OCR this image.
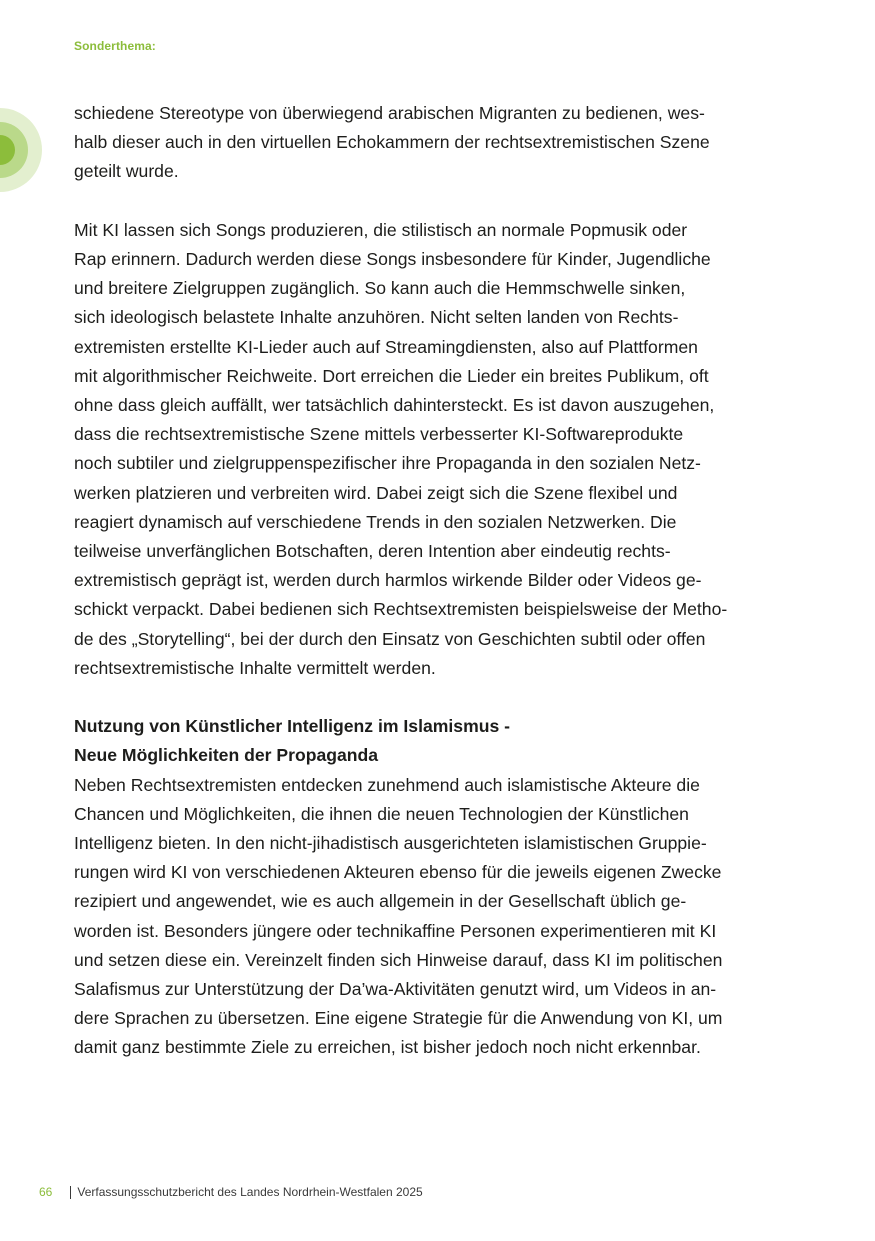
Sonderthema:
schiedene Stereotype von überwiegend arabischen Migranten zu bedienen, wes-
halb dieser auch in den virtuellen Echokammern der rechtsextremistischen Szene
geteilt wurde.
Mit KI lassen sich Songs produzieren, die stilistisch an normale Popmusik oder
Rap erinnern. Dadurch werden diese Songs insbesondere für Kinder, Jugendliche
und breitere Zielgruppen zugänglich. So kann auch die Hemmschwelle sinken,
sich ideologisch belastete Inhalte anzuhören. Nicht selten landen von Rechts-
extremisten erstellte KI-Lieder auch auf Streamingdiensten, also auf Plattformen
mit algorithmischer Reichweite. Dort erreichen die Lieder ein breites Publikum, oft
ohne dass gleich auffällt, wer tatsächlich dahintersteckt. Es ist davon auszugehen,
dass die rechtsextremistische Szene mittels verbesserter KI-Softwareprodukte
noch subtiler und zielgruppenspezifischer ihre Propaganda in den sozialen Netz-
werken platzieren und verbreiten wird. Dabei zeigt sich die Szene flexibel und
reagiert dynamisch auf verschiedene Trends in den sozialen Netzwerken. Die
teilweise unverfänglichen Botschaften, deren Intention aber eindeutig rechts-
extremistisch geprägt ist, werden durch harmlos wirkende Bilder oder Videos ge-
schickt verpackt. Dabei bedienen sich Rechtsextremisten beispielsweise der Metho-
de des „Storytelling“, bei der durch den Einsatz von Geschichten subtil oder offen
rechtsextremistische Inhalte vermittelt werden.
Nutzung von Künstlicher Intelligenz im Islamismus -
Neue Möglichkeiten der Propaganda
Neben Rechtsextremisten entdecken zunehmend auch islamistische Akteure die
Chancen und Möglichkeiten, die ihnen die neuen Technologien der Künstlichen
Intelligenz bieten. In den nicht-jihadistisch ausgerichteten islamistischen Gruppie-
rungen wird KI von verschiedenen Akteuren ebenso für die jeweils eigenen Zwecke
rezipiert und angewendet, wie es auch allgemein in der Gesellschaft üblich ge-
worden ist. Besonders jüngere oder technikaffine Personen experimentieren mit KI
und setzen diese ein. Vereinzelt finden sich Hinweise darauf, dass KI im politischen
Salafismus zur Unterstützung der Da’wa-Aktivitäten genutzt wird, um Videos in an-
dere Sprachen zu übersetzen. Eine eigene Strategie für die Anwendung von KI, um
damit ganz bestimmte Ziele zu erreichen, ist bisher jedoch noch nicht erkennbar.
66 Verfassungsschutzbericht des Landes Nordrhein-Westfalen 2025
